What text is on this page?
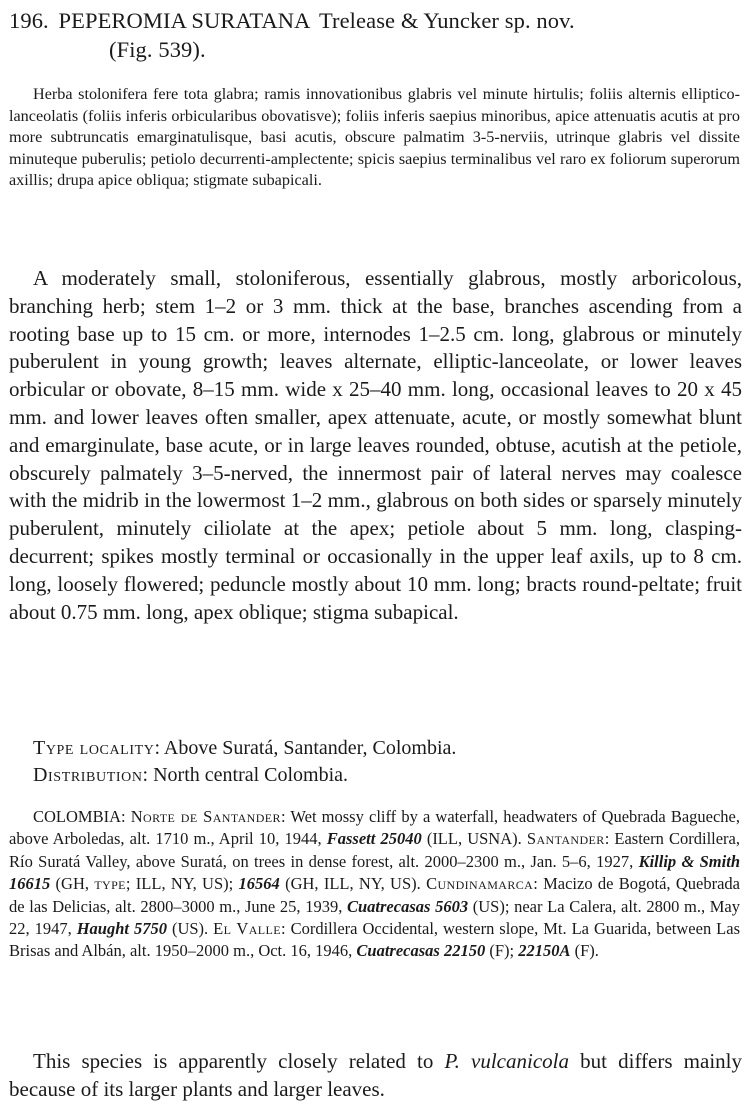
196. PEPEROMIA SURATANA Trelease & Yuncker sp. nov.
(Fig. 539).

Herba stolonifera fere tota glabra; ramis innovationibus glabris vel minute hirtulis; foliis alternis elliptico-lanceolatis (foliis inferis orbicularibus obovatisve); foliis inferis saepius minoribus, apice attenuatis acutis at pro more subtruncatis emarginatulisque, basi acutis, obscure palmatim 3-5-nerviis, utrinque glabris vel dissite minuteque puberulis; petiolo decurrenti-amplectente; spicis saepius terminalibus vel raro ex foliorum superorum axillis; drupa apice obliqua; stigmate subapicali.

A moderately small, stoloniferous, essentially glabrous, mostly arboricolous, branching herb; stem 1–2 or 3 mm. thick at the base, branches ascending from a rooting base up to 15 cm. or more, internodes 1–2.5 cm. long, glabrous or minutely puberulent in young growth; leaves alternate, elliptic-lanceolate, or lower leaves orbicular or obovate, 8–15 mm. wide x 25–40 mm. long, occasional leaves to 20 x 45 mm. and lower leaves often smaller, apex attenuate, acute, or mostly somewhat blunt and emarginulate, base acute, or in large leaves rounded, obtuse, acutish at the petiole, obscurely palmately 3–5-nerved, the innermost pair of lateral nerves may coalesce with the midrib in the lowermost 1–2 mm., glabrous on both sides or sparsely minutely puberulent, minutely ciliolate at the apex; petiole about 5 mm. long, clasping-decurrent; spikes mostly terminal or occasionally in the upper leaf axils, up to 8 cm. long, loosely flowered; peduncle mostly about 10 mm. long; bracts round-peltate; fruit about 0.75 mm. long, apex oblique; stigma subapical.

Type locality: Above Suratá, Santander, Colombia.
Distribution: North central Colombia.

COLOMBIA: Norte de Santander: Wet mossy cliff by a waterfall, headwaters of Quebrada Bagueche, above Arboledas, alt. 1710 m., April 10, 1944, Fassett 25040 (ILL, USNA). Santander: Eastern Cordillera, Río Suratá Valley, above Suratá, on trees in dense forest, alt. 2000–2300 m., Jan. 5–6, 1927, Killip & Smith 16615 (GH, type; ILL, NY, US); 16564 (GH, ILL, NY, US). Cundinamarca: Macizo de Bogotá, Quebrada de las Delicias, alt. 2800–3000 m., June 25, 1939, Cuatrecasas 5603 (US); near La Calera, alt. 2800 m., May 22, 1947, Haught 5750 (US). El Valle: Cordillera Occidental, western slope, Mt. La Guarida, between Las Brisas and Albán, alt. 1950–2000 m., Oct. 16, 1946, Cuatrecasas 22150 (F); 22150A (F).

This species is apparently closely related to P. vulcanicola but differs mainly because of its larger plants and larger leaves.
